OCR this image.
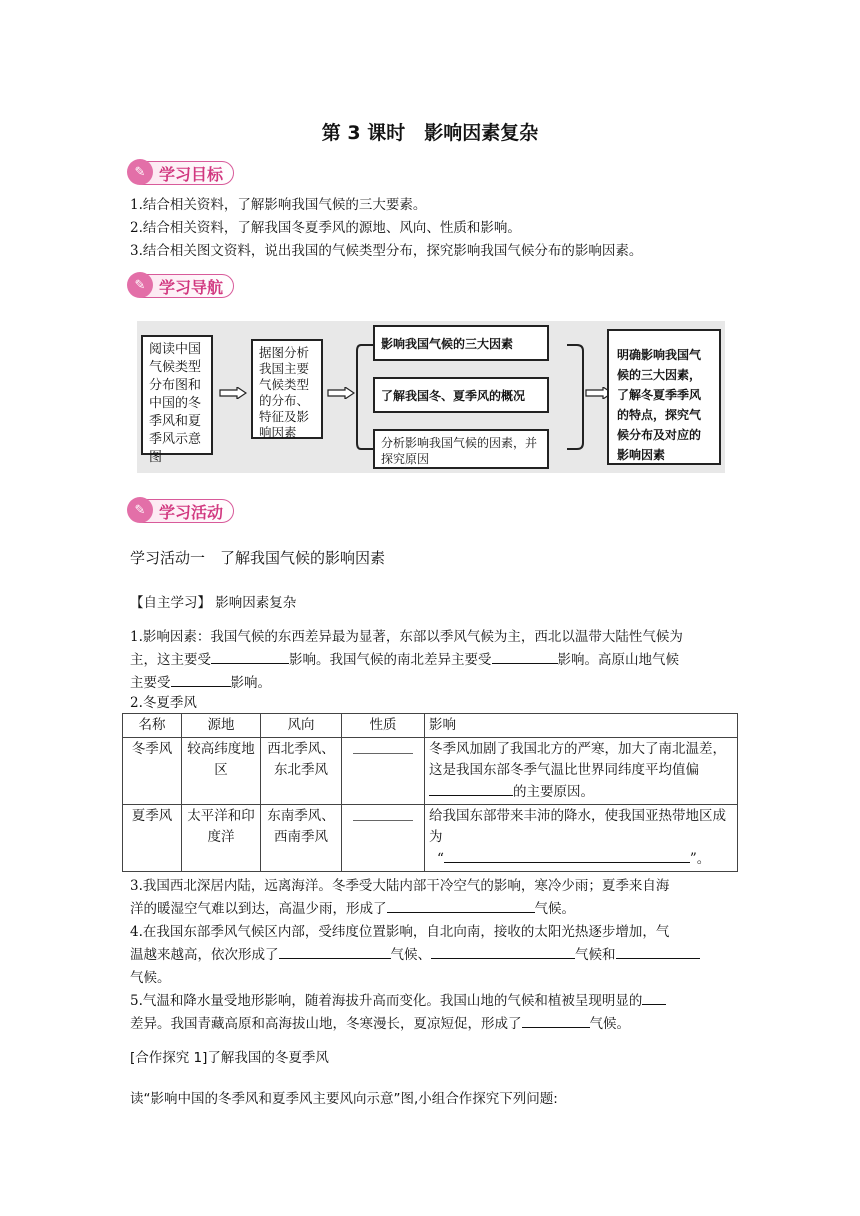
第 3 课时　影响因素复杂
✎ 学习目标
1.结合相关资料，了解影响我国气候的三大要素。
2.结合相关资料，了解我国冬夏季风的源地、风向、性质和影响。
3.结合相关图文资料，说出我国的气候类型分布，探究影响我国气候分布的影响因素。
✎ 学习导航
阅读中国气候类型分布图和中国的冬季风和夏季风示意图
据图分析我国主要气候类型的分布、特征及影响因素
影响我国气候的三大因素
了解我国冬、夏季风的概况
分析影响我国气候的因素，并探究原因
明确影响我国气候的三大因素，了解冬夏季季风的特点，探究气候分布及对应的影响因素
✎ 学习活动
学习活动一　了解我国气候的影响因素
【自主学习】 影响因素复杂
1.影响因素：我国气候的东西差异最为显著，东部以季风气候为主，西北以温带大陆性气候为
主，这主要受	影响。我国气候的南北差异主要受	影响。高原山地气候
主要受	影响。
2.冬夏季风
名称	源地	风向	性质	影响
冬季风	较高纬度地区	西北季风、东北季风		冬季风加剧了我国北方的严寒，加大了南北温差，这是我国东部冬季气温比世界同纬度平均值偏的主要原因。
夏季风	太平洋和印度洋	东南季风、西南季风		给我国东部带来丰沛的降水，使我国亚热带地区成为
“ ”。
3.我国西北深居内陆，远离海洋。冬季受大陆内部干冷空气的影响，寒冷少雨；夏季来自海
洋的暖湿空气难以到达，高温少雨，形成了	气候。
4.在我国东部季风气候区内部，受纬度位置影响，自北向南，接收的太阳光热逐步增加，气
温越来越高，依次形成了	气候、	气候和
气候。
5.气温和降水量受地形影响，随着海拔升高而变化。我国山地的气候和植被呈现明显的
差异。我国青藏高原和高海拔山地，冬寒漫长，夏凉短促，形成了	气候。
[合作探究 1]了解我国的冬夏季风
读“影响中国的冬季风和夏季风主要风向示意”图,小组合作探究下列问题:
